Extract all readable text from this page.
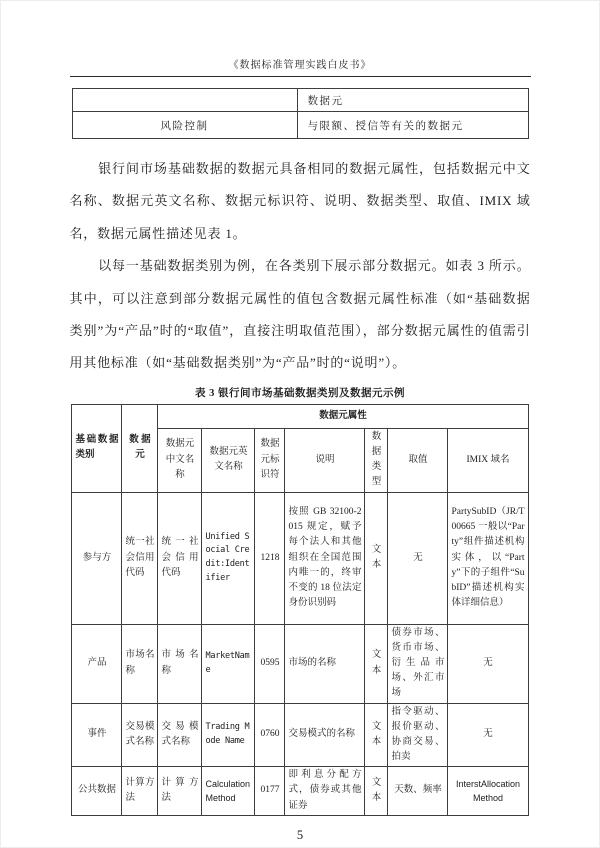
《数据标准管理实践白皮书》
	数据元
风险控制	与限额、授信等有关的数据元

银行间市场基础数据的数据元具备相同的数据元属性，包括数据元中文名称、数据元英文名称、数据元标识符、说明、数据类型、取值、IMIX 域名，数据元属性描述见表 1。

以每一基础数据类别为例，在各类别下展示部分数据元。如表 3 所示。其中，可以注意到部分数据元属性的值包含数据元属性标准（如“基础数据类别”为“产品”时的“取值”，直接注明取值范围），部分数据元属性的值需引用其他标准（如“基础数据类别”为“产品”时的“说明”）。

表 3 银行间市场基础数据类别及数据元示例
基础数据类别	数 据 元	数据元属性						
		数据元中文名称	数据元英文名称	数据元标识符	说明	数据类型	取值	IMIX 域名
参与方	统一社会信用代码	统一社会信用代码	Unified Social Credit:Identifier	1218	按照 GB 32100-2015 规定，赋予每个法人和其他组织在全国范围内唯一的，终审不变的 18 位法定身份识别码	文本	无	PartySubID（JR/T 00665 一般以“Party”组件描述机构实体，以“Party”下的子组件“SubID”描述机构实体详细信息）
产品	市场名称	市场名称	MarketName	0595	市场的名称	文本	债券市场、货币市场、衍生品市场、外汇市场	无
事件	交易模式名称	交易模式名称	Trading Mode Name	0760	交易模式的名称	文本	指令驱动、报价驱动、协商交易、拍卖	无
公共数据	计算方法	计算方法	Calculation Method	0177	即利息分配方式，债券或其他证券	文本	天数、频率	InterstAllocation Method
5
